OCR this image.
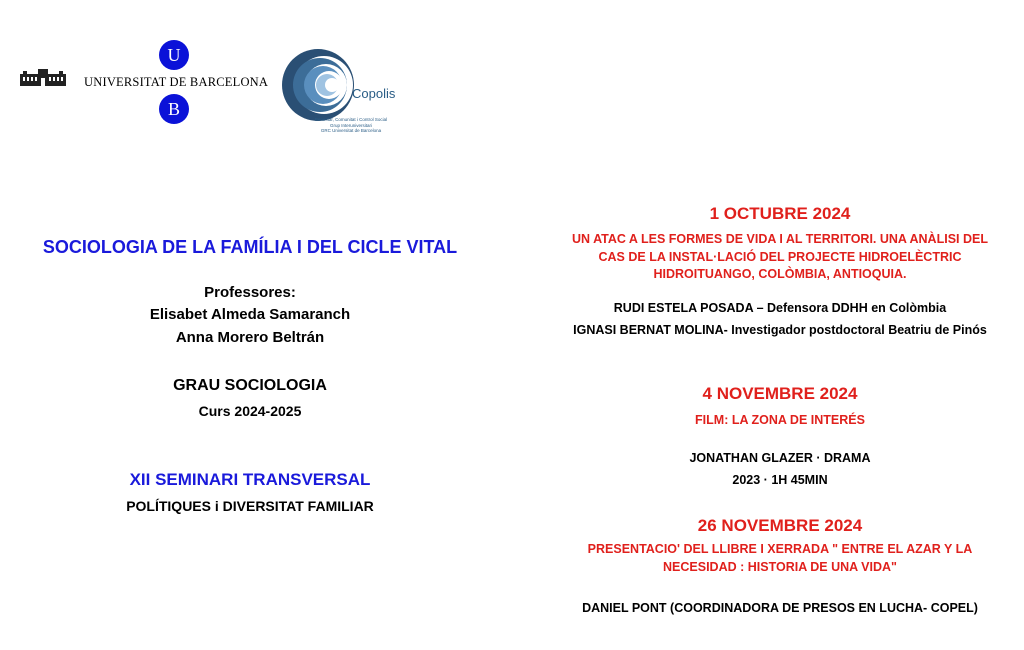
UNIVERSITAT DE BARCELONA
U
B
Copolis
Benestar, Comunitat i Control Social
Grup Interuniversitari
GRC Universitat de Barcelona
SOCIOLOGIA DE LA FAMÍLIA I DEL CICLE VITAL
Professores:
Elisabet Almeda Samaranch
Anna Morero Beltrán
GRAU SOCIOLOGIA
Curs 2024-2025
XII SEMINARI TRANSVERSAL
POLÍTIQUES i DIVERSITAT FAMILIAR
1 OCTUBRE 2024
UN ATAC A LES FORMES DE VIDA I AL TERRITORI. UNA ANÀLISI DEL
CAS DE LA INSTAL·LACIÓ DEL PROJECTE HIDROELÈCTRIC
HIDROITUANGO, COLÒMBIA, ANTIOQUIA.
RUDI ESTELA POSADA – Defensora DDHH en Colòmbia
IGNASI BERNAT MOLINA- Investigador postdoctoral Beatriu de Pinós
4 NOVEMBRE 2024
FILM: LA ZONA DE INTERÉS
JONATHAN GLAZER · DRAMA
2023 · 1H 45MIN
26 NOVEMBRE 2024
PRESENTACIO' DEL LLIBRE I XERRADA " ENTRE EL AZAR Y LA
NECESIDAD : HISTORIA DE UNA VIDA"
DANIEL PONT (COORDINADORA DE PRESOS EN LUCHA- COPEL)
